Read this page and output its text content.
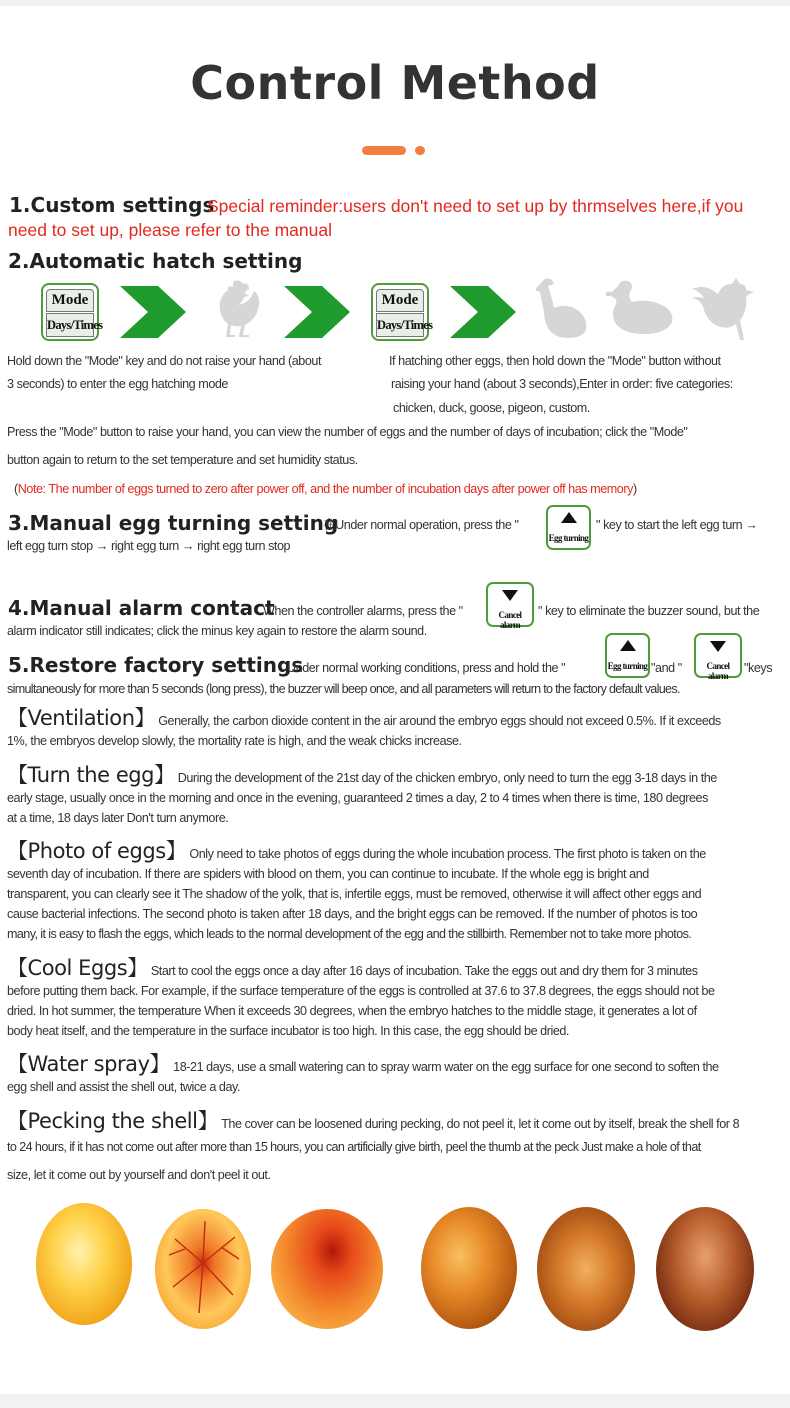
Control Method
1.Custom settings
Special reminder:users don't need to set up by thrmselves here,if you
need to set up, please refer to the manual
2.Automatic hatch setting
Mode
Days/Times
Mode
Days/Times
Hold down the "Mode" key and do not raise your hand (about
3 seconds) to enter the egg hatching mode
If hatching other eggs, then hold down the "Mode" button without
raising your hand (about 3 seconds),Enter in order: five categories:
chicken, duck, goose, pigeon, custom.
Press the "Mode" button to raise your hand, you can view the number of eggs and the number of days of incubation; click the "Mode"
button again to return to the set temperature and set humidity status.
(Note: The number of eggs turned to zero after power off, and the number of incubation days after power off has memory)
3.Manual egg turning setting
在Under normal operation, press the "
Egg turning
" key to start the left egg turn →
left egg turn stop → right egg turn → right egg turn stop
4.Manual alarm contact
When the controller alarms, press the "	Cancel alarm
" key to eliminate the buzzer sound, but the
alarm indicator still indicates; click the minus key again to restore the alarm sound.
5.Restore factory settings
Under normal working conditions, press and hold the "	Egg turning "and "	Cancel alarm
"keys
simultaneously for more than 5 seconds (long press), the buzzer will beep once, and all parameters will return to the factory default values.
【Ventilation】 Generally, the carbon dioxide content in the air around the embryo eggs should not exceed 0.5%. If it exceeds
1%, the embryos develop slowly, the mortality rate is high, and the weak chicks increase.
【Turn the egg】 During the development of the 21st day of the chicken embryo, only need to turn the egg 3-18 days in the
early stage, usually once in the morning and once in the evening, guaranteed 2 times a day, 2 to 4 times when there is time, 180 degrees
at a time, 18 days later Don't turn anymore.
【Photo of eggs】 Only need to take photos of eggs during the whole incubation process. The first photo is taken on the
seventh day of incubation. If there are spiders with blood on them, you can continue to incubate. If the whole egg is bright and
transparent, you can clearly see it The shadow of the yolk, that is, infertile eggs, must be removed, otherwise it will affect other eggs and
cause bacterial infections. The second photo is taken after 18 days, and the bright eggs can be removed. If the number of photos is too
many, it is easy to flash the eggs, which leads to the normal development of the egg and the stillbirth. Remember not to take more photos.
【Cool Eggs】 Start to cool the eggs once a day after 16 days of incubation. Take the eggs out and dry them for 3 minutes
before putting them back. For example, if the surface temperature of the eggs is controlled at 37.6 to 37.8 degrees, the eggs should not be
dried. In hot summer, the temperature When it exceeds 30 degrees, when the embryo hatches to the middle stage, it generates a lot of
body heat itself, and the temperature in the surface incubator is too high. In this case, the egg should be dried.
【Water spray】 18-21 days, use a small watering can to spray warm water on the egg surface for one second to soften the
egg shell and assist the shell out, twice a day.
【Pecking the shell】 The cover can be loosened during pecking, do not peel it, let it come out by itself, break the shell for 8
to 24 hours, if it has not come out after more than 15 hours, you can artificially give birth, peel the thumb at the peck Just make a hole of that
size, let it come out by yourself and don't peel it out.
